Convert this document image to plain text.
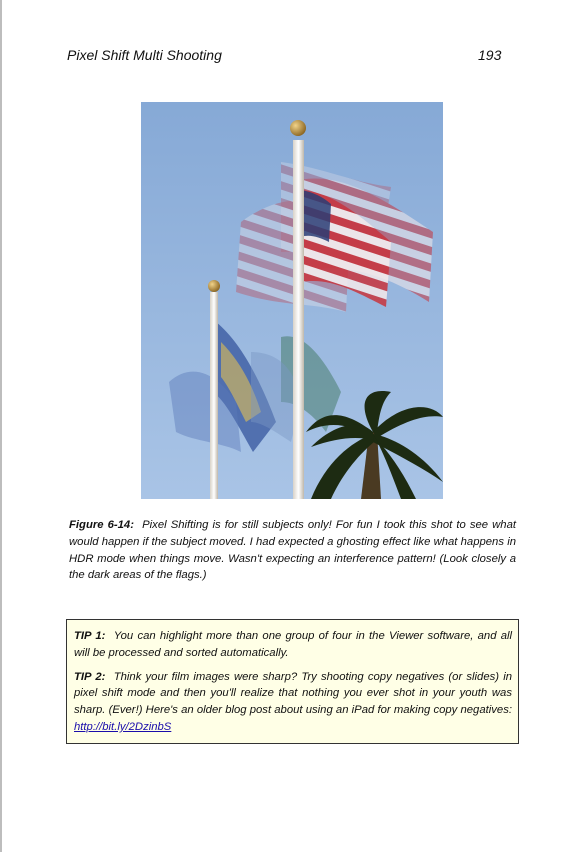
Pixel Shift Multi Shooting	193
Figure 6-14: Pixel Shifting is for still subjects only! For fun I took this shot to see what would happen if the subject moved. I had expected a ghosting effect like what happens in HDR mode when things move. Wasn't expecting an interference pattern! (Look closely a the dark areas of the flags.)

TIP 1: You can highlight more than one group of four in the Viewer software, and all will be processed and sorted automatically.

TIP 2: Think your film images were sharp? Try shooting copy negatives (or slides) in pixel shift mode and then you'll realize that nothing you ever shot in your youth was sharp. (Ever!) Here's an older blog post about using an iPad for making copy negatives: http://bit.ly/2DzinbS
